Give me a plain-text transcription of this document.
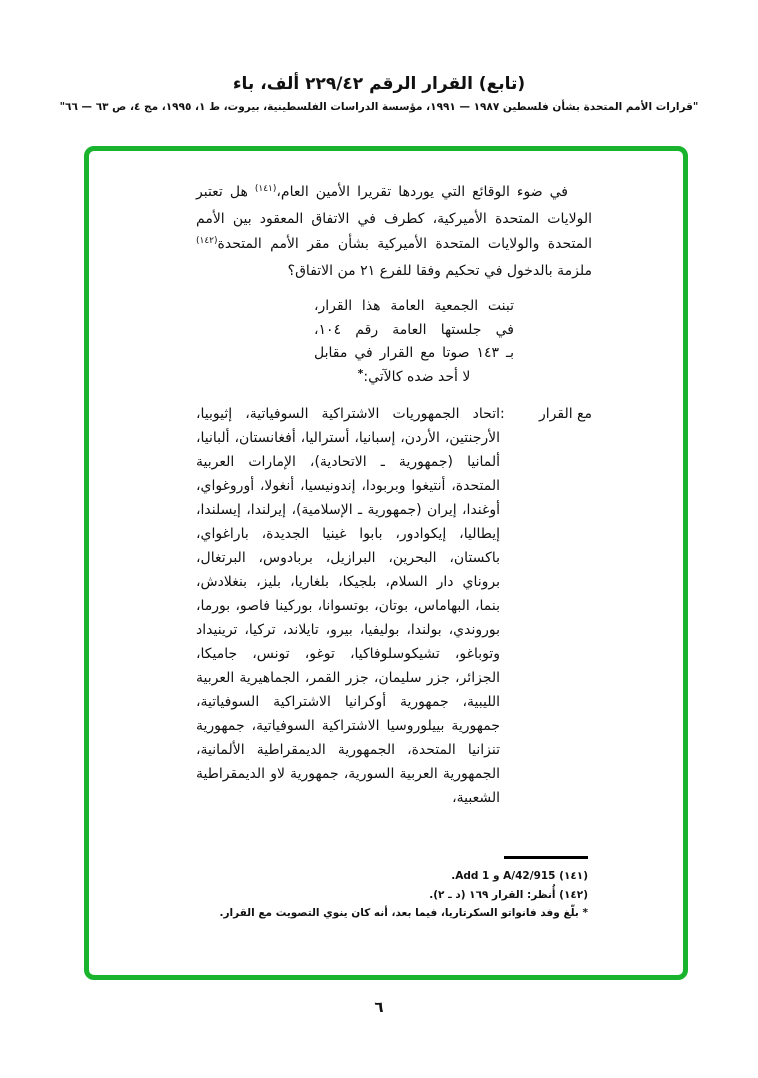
(تابع) القرار الرقم ٢٢٩/٤٢ ألف، باء
"قرارات الأمم المتحدة بشأن فلسطين ١٩٨٧ — ١٩٩١، مؤسسة الدراسات الفلسطينية، بيروت، ط ١، ١٩٩٥، مج ٤، ص ٦٣ — ٦٦"
في ضوء الوقائع التي يوردها تقريرا الأمين العام،$^{(١٤١)}$ هل تعتبر الولايات المتحدة الأميركية، كطرف في الاتفاق المعقود بين الأمم المتحدة والولايات المتحدة الأميركية بشأن مقر الأمم المتحدة$^{(١٤٢)}$ ملزمة بالدخول في تحكيم وفقا للفرع ٢١ من الاتفاق؟
تبنت الجمعية العامة هذا القرار،
في جلستها العامة رقم ١٠٤،
بـ ١٤٣ صوتا مع القرار في مقابل
لا أحد ضده كالآتي:*
مع القرار
:
اتحاد الجمهوريات الاشتراكية السوفياتية، إثيوبيا، الأرجنتين، الأردن، إسبانيا، أستراليا، أفغانستان، ألبانيا، ألمانيا (جمهورية ـ الاتحادية)، الإمارات العربية المتحدة، أنتيغوا وبربودا، إندونيسيا، أنغولا، أوروغواي، أوغندا، إيران (جمهورية ـ الإسلامية)، إيرلندا، إيسلندا، إيطاليا، إيكوادور، بابوا غينيا الجديدة، باراغواي، باكستان، البحرين، البرازيل، بربادوس، البرتغال، بروناي دار السلام، بلجيكا، بلغاريا، بليز، بنغلادش، بنما، البهاماس، بوتان، بوتسوانا، بوركينا فاصو، بورما، بوروندي، بولندا، بوليفيا، بيرو، تايلاند، تركيا، ترينيداد وتوباغو، تشيكوسلوفاكيا، توغو، تونس، جاميكا، الجزائر، جزر سليمان، جزر القمر، الجماهيرية العربية الليبية، جمهورية أوكرانيا الاشتراكية السوفياتية، جمهورية بييلوروسيا الاشتراكية السوفياتية، جمهورية تنزانيا المتحدة، الجمهورية الديمقراطية الألمانية، الجمهورية العربية السورية، جمهورية لاو الديمقراطية الشعبية،
(١٤١) A/42/915 و Add 1.
(١٤٢) أُنظر: القرار ١٦٩ (د ـ ٢).
* بلّغ وفد فانواتو السكرتاريا، فيما بعد، أنه كان ينوي التصويت مع القرار.
٦
